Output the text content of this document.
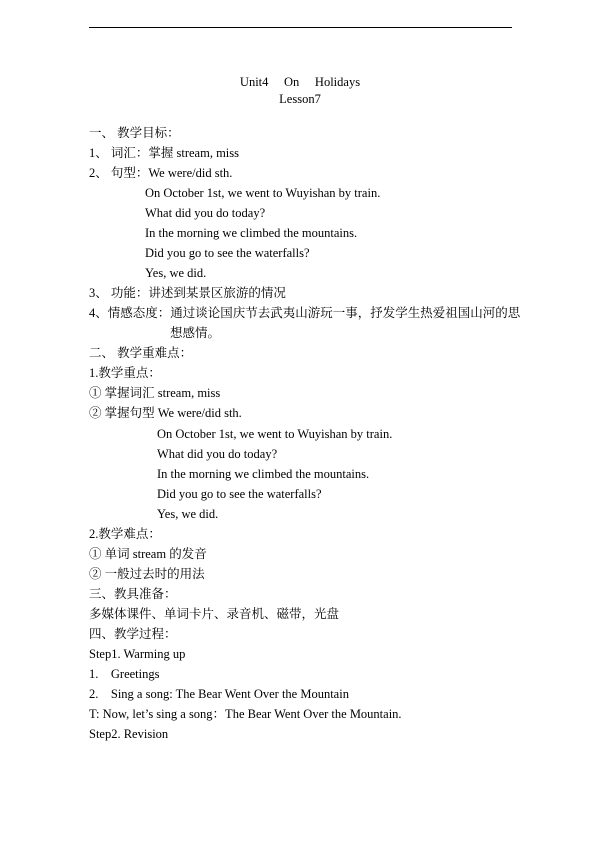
Unit4     On     Holidays
Lesson7
一、 教学目标：
1、 词汇：掌握 stream, miss
2、 句型：We were/did sth.
On October 1st, we went to Wuyishan by train.
What did you do today?
In the morning we climbed the mountains.
Did you go to see the waterfalls?
Yes, we did.
3、 功能：讲述到某景区旅游的情况
4、情感态度：通过谈论国庆节去武夷山游玩一事，抒发学生热爱祖国山河的思
想感情。
二、 教学重难点：
1.教学重点：
① 掌握词汇 stream, miss
② 掌握句型 We were/did sth.
On October 1st, we went to Wuyishan by train.
What did you do today?
In the morning we climbed the mountains.
Did you go to see the waterfalls?
Yes, we did.
2.教学难点：
① 单词 stream 的发音
② 一般过去时的用法
三、教具准备：
多媒体课件、单词卡片、录音机、磁带，光盘
四、教学过程：
Step1. Warming up
1.    Greetings
2.    Sing a song: The Bear Went Over the Mountain
T: Now, let’s sing a song：The Bear Went Over the Mountain.
Step2. Revision
